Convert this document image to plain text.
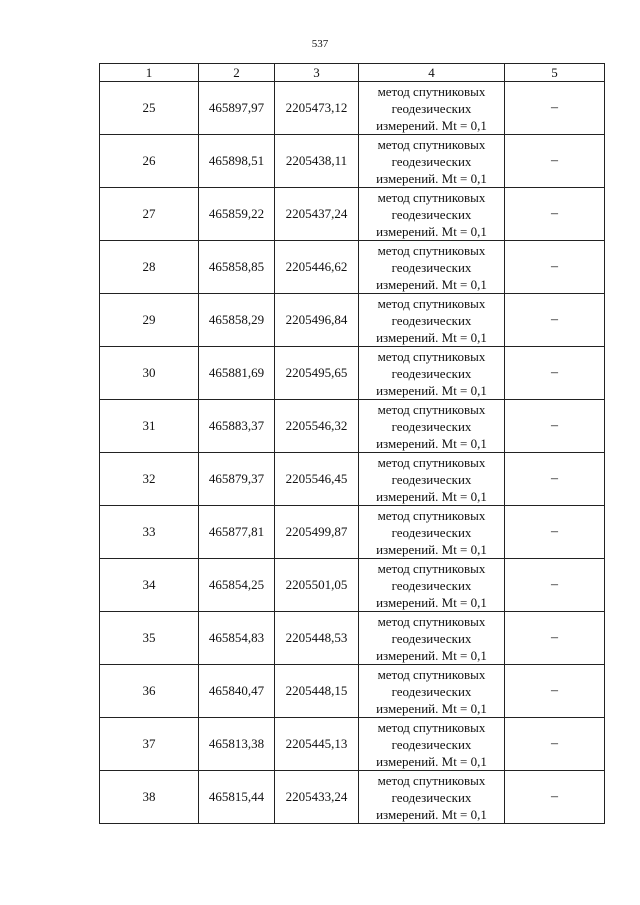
537
1	2	3	4	5
25	465897,97	2205473,12	метод спутниковых
геодезических
измерений. Mt = 0,1	–
26	465898,51	2205438,11	метод спутниковых
геодезических
измерений. Mt = 0,1	–
27	465859,22	2205437,24	метод спутниковых
геодезических
измерений. Mt = 0,1	–
28	465858,85	2205446,62	метод спутниковых
геодезических
измерений. Mt = 0,1	–
29	465858,29	2205496,84	метод спутниковых
геодезических
измерений. Mt = 0,1	–
30	465881,69	2205495,65	метод спутниковых
геодезических
измерений. Mt = 0,1	–
31	465883,37	2205546,32	метод спутниковых
геодезических
измерений. Mt = 0,1	–
32	465879,37	2205546,45	метод спутниковых
геодезических
измерений. Mt = 0,1	–
33	465877,81	2205499,87	метод спутниковых
геодезических
измерений. Mt = 0,1	–
34	465854,25	2205501,05	метод спутниковых
геодезических
измерений. Mt = 0,1	–
35	465854,83	2205448,53	метод спутниковых
геодезических
измерений. Mt = 0,1	–
36	465840,47	2205448,15	метод спутниковых
геодезических
измерений. Mt = 0,1	–
37	465813,38	2205445,13	метод спутниковых
геодезических
измерений. Mt = 0,1	–
38	465815,44	2205433,24	метод спутниковых
геодезических
измерений. Mt = 0,1	–
